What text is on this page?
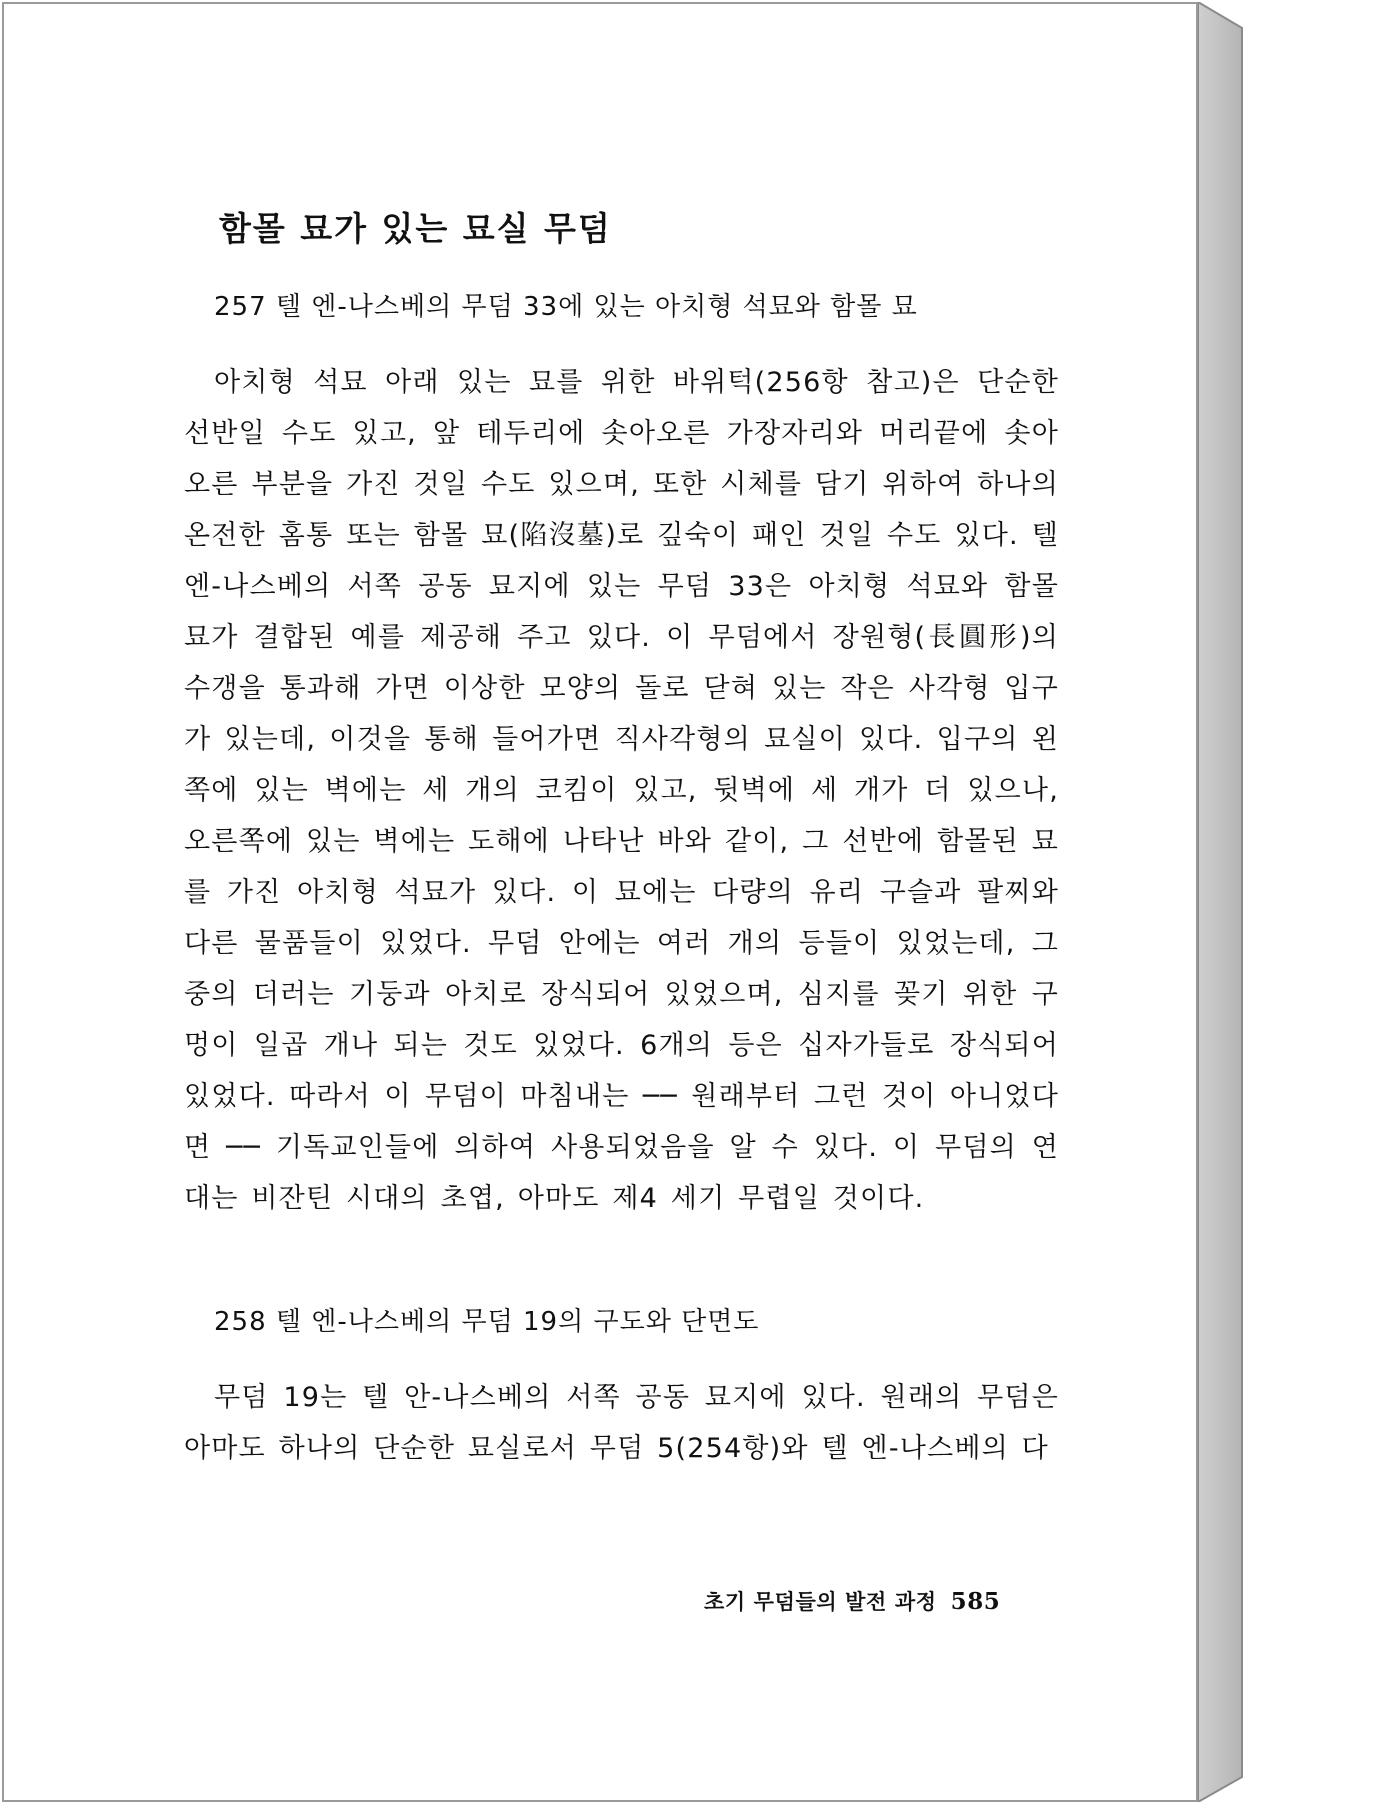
함몰 묘가 있는 묘실 무덤
257 텔 엔-나스베의 무덤 33에 있는 아치형 석묘와 함몰 묘

아치형 석묘 아래 있는 묘를 위한 바위턱(256항 참고)은 단순한 선반일 수도 있고, 앞 테두리에 솟아오른 가장자리와 머리끝에 솟아오른 부분을 가진 것일 수도 있으며, 또한 시체를 담기 위하여 하나의 온전한 홈통 또는 함몰 묘(陷沒墓)로 깊숙이 패인 것일 수도 있다. 텔 엔-나스베의 서쪽 공동 묘지에 있는 무덤 33은 아치형 석묘와 함몰 묘가 결합된 예를 제공해 주고 있다. 이 무덤에서 장원형(長圓形)의 수갱을 통과해 가면 이상한 모양의 돌로 닫혀 있는 작은 사각형 입구가 있는데, 이것을 통해 들어가면 직사각형의 묘실이 있다. 입구의 왼쪽에 있는 벽에는 세 개의 코킴이 있고, 뒷벽에 세 개가 더 있으나, 오른쪽에 있는 벽에는 도해에 나타난 바와 같이, 그 선반에 함몰된 묘를 가진 아치형 석묘가 있다. 이 묘에는 다량의 유리 구슬과 팔찌와 다른 물품들이 있었다. 무덤 안에는 여러 개의 등들이 있었는데, 그 중의 더러는 기둥과 아치로 장식되어 있었으며, 심지를 꽂기 위한 구멍이 일곱 개나 되는 것도 있었다. 6개의 등은 십자가들로 장식되어 있었다. 따라서 이 무덤이 마침내는 ── 원래부터 그런 것이 아니었다면 ── 기독교인들에 의하여 사용되었음을 알 수 있다. 이 무덤의 연대는 비잔틴 시대의 초엽, 아마도 제4 세기 무렵일 것이다.

258 텔 엔-나스베의 무덤 19의 구도와 단면도

무덤 19는 텔 안-나스베의 서쪽 공동 묘지에 있다. 원래의 무덤은 아마도 하나의 단순한 묘실로서 무덤 5(254항)와 텔 엔-나스베의 다

초기 무덤들의 발전 과정 585
